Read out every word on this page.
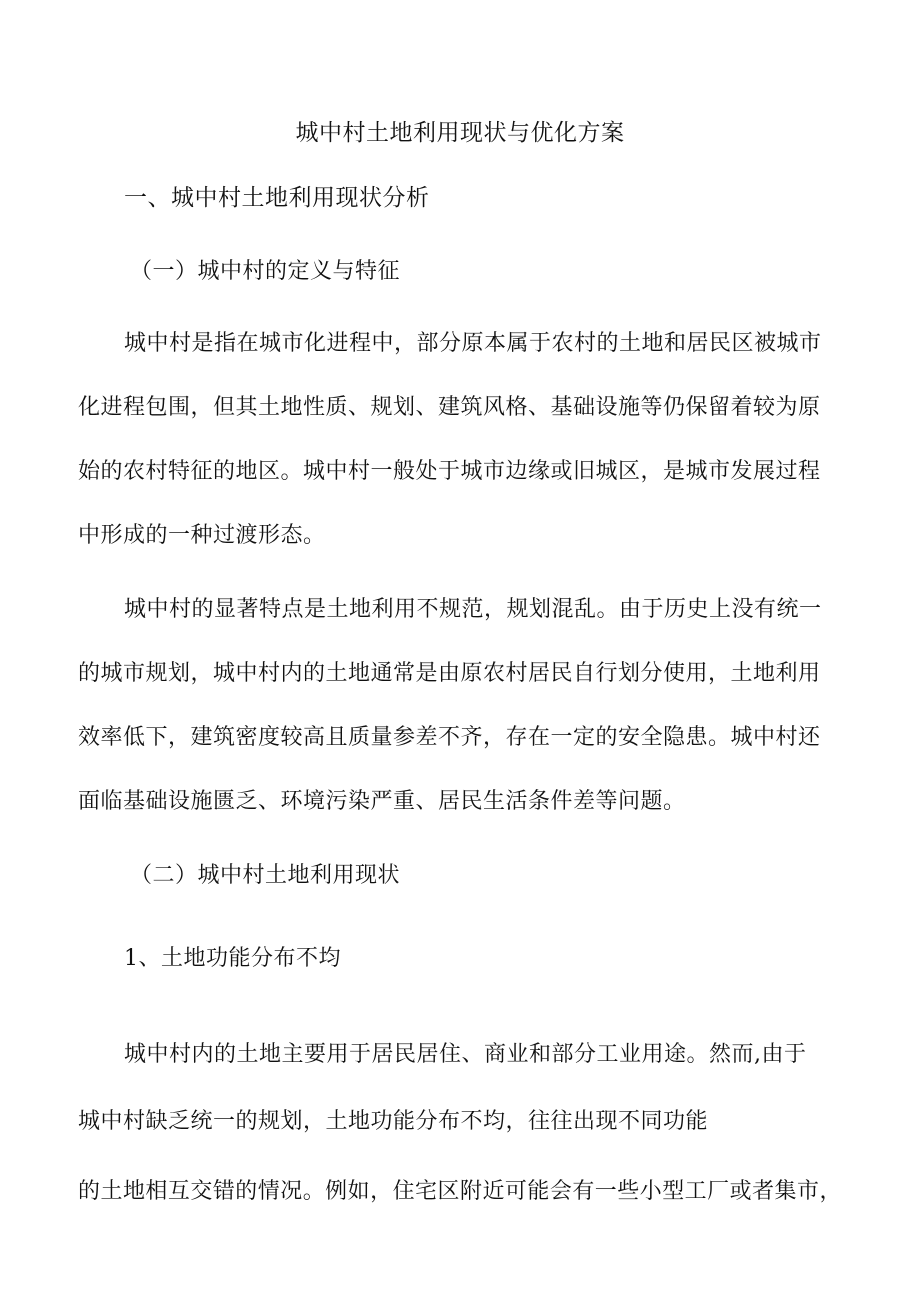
城中村土地利用现状与优化方案
一、城中村土地利用现状分析
（一）城中村的定义与特征
城中村是指在城市化进程中，部分原本属于农村的土地和居民区被城市
化进程包围，但其土地性质、规划、建筑风格、基础设施等仍保留着较为原
始的农村特征的地区。城中村一般处于城市边缘或旧城区，是城市发展过程
中形成的一种过渡形态。
城中村的显著特点是土地利用不规范，规划混乱。由于历史上没有统一
的城市规划，城中村内的土地通常是由原农村居民自行划分使用，土地利用
效率低下，建筑密度较高且质量参差不齐，存在一定的安全隐患。城中村还
面临基础设施匮乏、环境污染严重、居民生活条件差等问题。
（二）城中村土地利用现状
1、土地功能分布不均
城中村内的土地主要用于居民居住、商业和部分工业用途。然而,由于
城中村缺乏统一的规划，土地功能分布不均，往往出现不同功能
的土地相互交错的情况。例如，住宅区附近可能会有一些小型工厂或者集市，
